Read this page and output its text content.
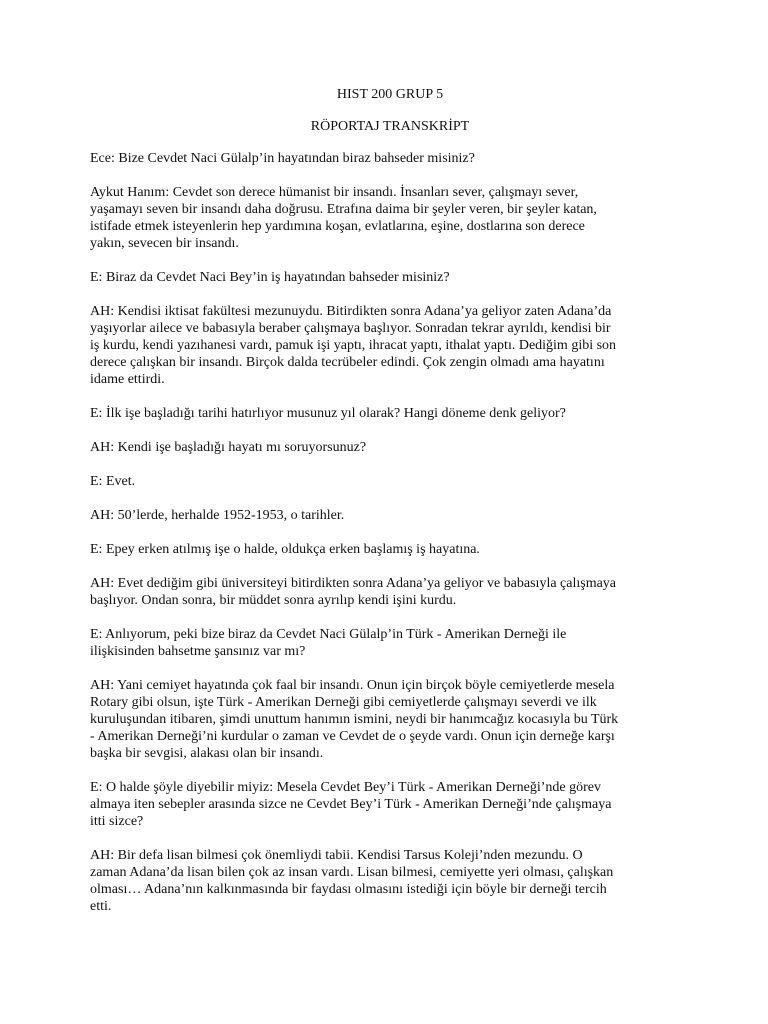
HIST 200 GRUP 5

RÖPORTAJ TRANSKRİPT

Ece: Bize Cevdet Naci Gülalp’in hayatından biraz bahseder misiniz?

Aykut Hanım: Cevdet son derece hümanist bir insandı. İnsanları sever, çalışmayı sever,
yaşamayı seven bir insandı daha doğrusu. Etrafına daima bir şeyler veren, bir şeyler katan,
istifade etmek isteyenlerin hep yardımına koşan, evlatlarına, eşine, dostlarına son derece
yakın, sevecen bir insandı.

E: Biraz da Cevdet Naci Bey’in iş hayatından bahseder misiniz?

AH: Kendisi iktisat fakültesi mezunuydu. Bitirdikten sonra Adana’ya geliyor zaten Adana’da
yaşıyorlar ailece ve babasıyla beraber çalışmaya başlıyor. Sonradan tekrar ayrıldı, kendisi bir
iş kurdu, kendi yazıhanesi vardı, pamuk işi yaptı, ihracat yaptı, ithalat yaptı. Dediğim gibi son
derece çalışkan bir insandı. Birçok dalda tecrübeler edindi. Çok zengin olmadı ama hayatını
idame ettirdi.

E: İlk işe başladığı tarihi hatırlıyor musunuz yıl olarak? Hangi döneme denk geliyor?

AH: Kendi işe başladığı hayatı mı soruyorsunuz?

E: Evet.

AH: 50’lerde, herhalde 1952-1953, o tarihler.

E: Epey erken atılmış işe o halde, oldukça erken başlamış iş hayatına.

AH: Evet dediğim gibi üniversiteyi bitirdikten sonra Adana’ya geliyor ve babasıyla çalışmaya
başlıyor. Ondan sonra, bir müddet sonra ayrılıp kendi işini kurdu.

E: Anlıyorum, peki bize biraz da Cevdet Naci Gülalp’in Türk - Amerikan Derneği ile
ilişkisinden bahsetme şansınız var mı?

AH: Yani cemiyet hayatında çok faal bir insandı. Onun için birçok böyle cemiyetlerde mesela
Rotary gibi olsun, işte Türk - Amerikan Derneği gibi cemiyetlerde çalışmayı severdi ve ilk
kuruluşundan itibaren, şimdi unuttum hanımın ismini, neydi bir hanımcağız kocasıyla bu Türk
- Amerikan Derneği’ni kurdular o zaman ve Cevdet de o şeyde vardı. Onun için derneğe karşı
başka bir sevgisi, alakası olan bir insandı.

E: O halde şöyle diyebilir miyiz: Mesela Cevdet Bey’i Türk - Amerikan Derneği’nde görev
almaya iten sebepler arasında sizce ne Cevdet Bey’i Türk - Amerikan Derneği’nde çalışmaya
itti sizce?

AH: Bir defa lisan bilmesi çok önemliydi tabii. Kendisi Tarsus Koleji’nden mezundu. O
zaman Adana’da lisan bilen çok az insan vardı. Lisan bilmesi, cemiyette yeri olması, çalışkan
olması… Adana’nın kalkınmasında bir faydası olmasını istediği için böyle bir derneği tercih
etti.
